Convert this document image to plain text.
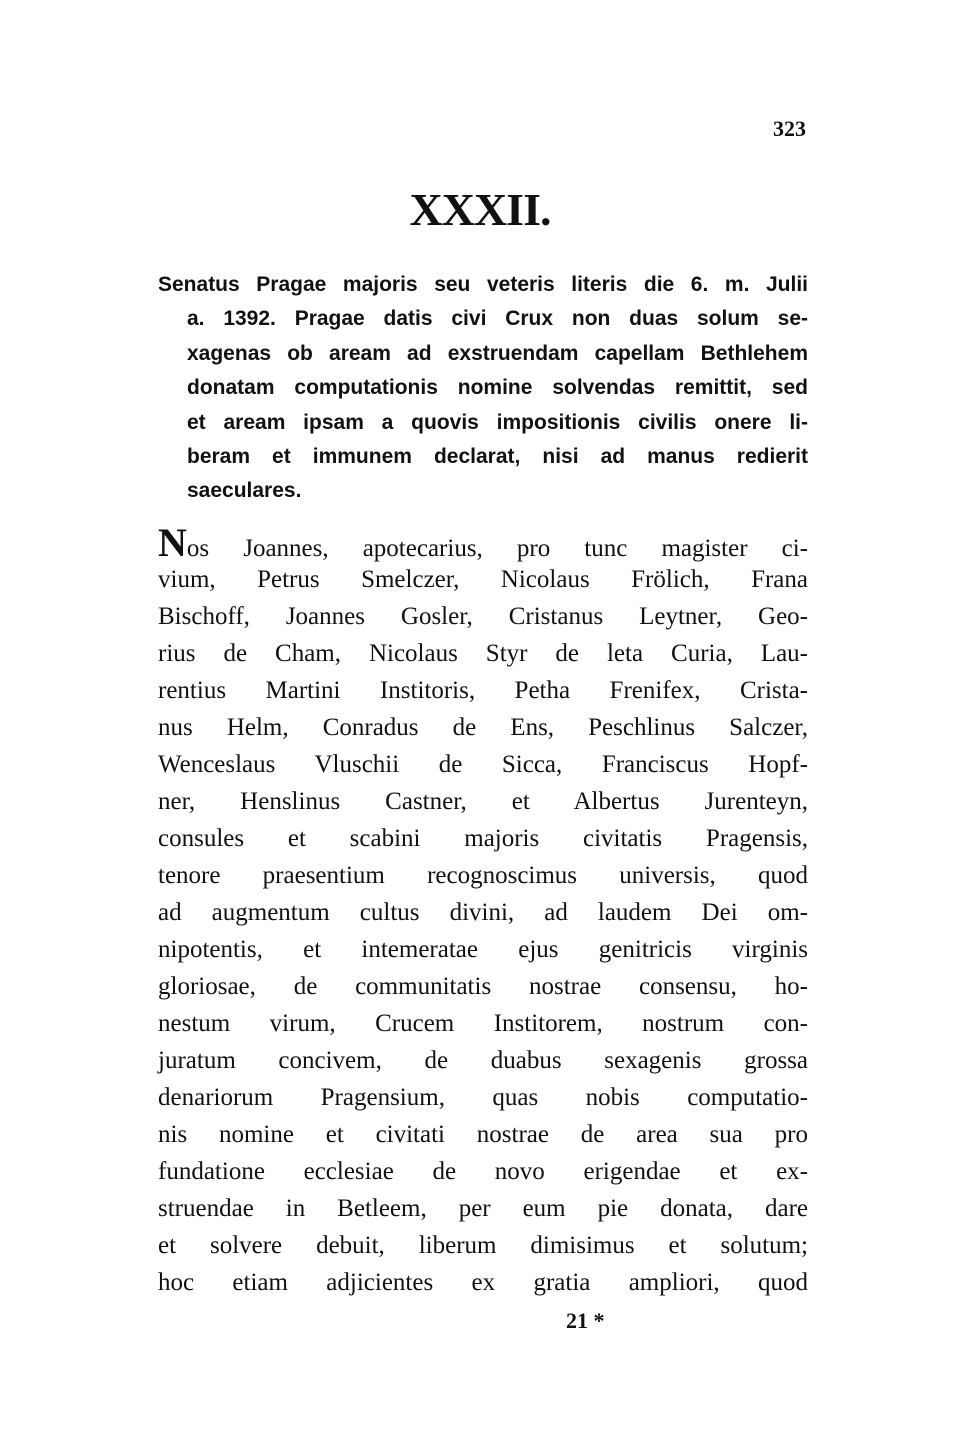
323
XXXII.
Senatus Pragae majoris seu veteris literis die 6. m. Julii
a. 1392. Pragae datis civi Crux non duas solum se-
xagenas ob aream ad exstruendam capellam Bethlehem
donatam computationis nomine solvendas remittit, sed
et aream ipsam a quovis impositionis civilis onere li-
beram et immunem declarat, nisi ad manus redierit
saeculares.
Nos Joannes, apotecarius, pro tunc magister ci-
vium, Petrus Smelczer, Nicolaus Frölich, Frana
Bischoff, Joannes Gosler, Cristanus Leytner, Geo-
rius de Cham, Nicolaus Styr de leta Curia, Lau-
rentius Martini Institoris, Petha Frenifex, Crista-
nus Helm, Conradus de Ens, Peschlinus Salczer,
Wenceslaus Vluschii de Sicca, Franciscus Hopf-
ner, Henslinus Castner, et Albertus Jurenteyn,
consules et scabini majoris civitatis Pragensis,
tenore praesentium recognoscimus universis, quod
ad augmentum cultus divini, ad laudem Dei om-
nipotentis, et intemeratae ejus genitricis virginis
gloriosae, de communitatis nostrae consensu, ho-
nestum virum, Crucem Institorem, nostrum con-
juratum concivem, de duabus sexagenis grossa
denariorum Pragensium, quas nobis computatio-
nis nomine et civitati nostrae de area sua pro
fundatione ecclesiae de novo erigendae et ex-
struendae in Betleem, per eum pie donata, dare
et solvere debuit, liberum dimisimus et solutum;
hoc etiam adjicientes ex gratia ampliori, quod
21 *
